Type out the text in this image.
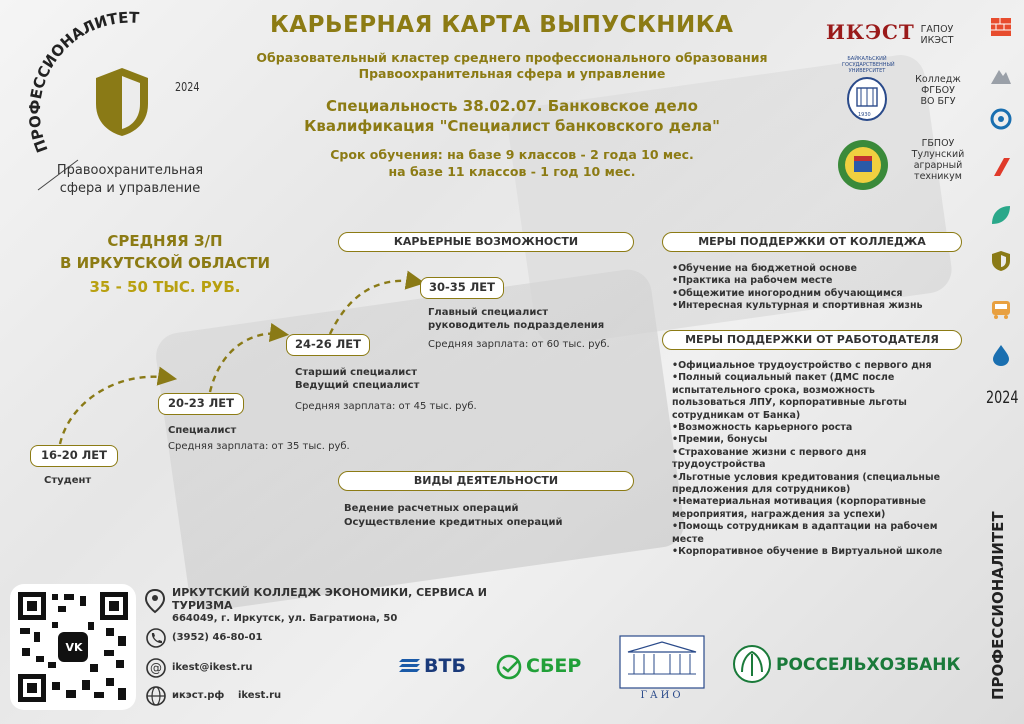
ПРОФЕССИОНАЛИТЕТ
2024
Правоохранительная
сфера и управление
КАРЬЕРНАЯ КАРТА ВЫПУСКНИКА
Образовательный кластер среднего профессионального образования
Правоохранительная сфера и управление
Специальность 38.02.07. Банковское дело
Квалификация "Специалист банковского дела"
Срок обучения: на базе 9 классов - 2 года 10 мес.
на базе 11 классов - 1 год 10 мес.
ИКЭСТ ГАПОУ
ИКЭСТ
БАЙКАЛЬСКИЙ
ГОСУДАРСТВЕННЫЙ
УНИВЕРСИТЕТ
1930
Колледж
ФГБОУ
ВО БГУ
ГБПОУ
Тулунский
аграрный
техникум
2024
ПРОФЕССИОНАЛИТЕТ
СРЕДНЯЯ З/П
В ИРКУТСКОЙ ОБЛАСТИ
35 - 50 ТЫС. РУБ.
КАРЬЕРНЫЕ ВОЗМОЖНОСТИ
16-20 ЛЕТ
Студент
20-23 ЛЕТ
Специалист
Средняя зарплата: от 35 тыс. руб.
24-26 ЛЕТ
Старший специалист
Ведущий специалист
Средняя зарплата: от 45 тыс. руб.
30-35 ЛЕТ
Главный специалист
руководитель подразделения
Средняя зарплата: от 60 тыс. руб.
ВИДЫ ДЕЯТЕЛЬНОСТИ
Ведение расчетных операций
Осуществление кредитных операций
МЕРЫ ПОДДЕРЖКИ ОТ КОЛЛЕДЖА
•Обучение на бюджетной основе
•Практика на рабочем месте
•Общежитие иногородним обучающимся
•Интересная культурная и спортивная жизнь
МЕРЫ ПОДДЕРЖКИ ОТ РАБОТОДАТЕЛЯ
•Официальное трудоустройство с первого дня
•Полный социальный пакет (ДМС после
испытательного срока, возможность
пользоваться ЛПУ, корпоративные льготы
сотрудникам от Банка)
•Возможность карьерного роста
•Премии, бонусы
•Страхование жизни с первого дня
трудоустройства
•Льготные условия кредитования (специальные
предложения для сотрудников)
•Нематериальная мотивация (корпоративные
мероприятия, награждения за успехи)
•Помощь сотрудникам в адаптации на рабочем
месте
•Корпоративное обучение в Виртуальной школе
VK
ИРКУТСКИЙ КОЛЛЕДЖ ЭКОНОМИКИ, СЕРВИСА И
ТУРИЗМА
664049, г. Иркутск, ул. Багратиона, 50
(3952) 46-80-01
@ ikest@ikest.ru
икэст.рф ikest.ru
ВТБ	СБЕР
ГАИО
РОССЕЛЬХОЗБАНК
